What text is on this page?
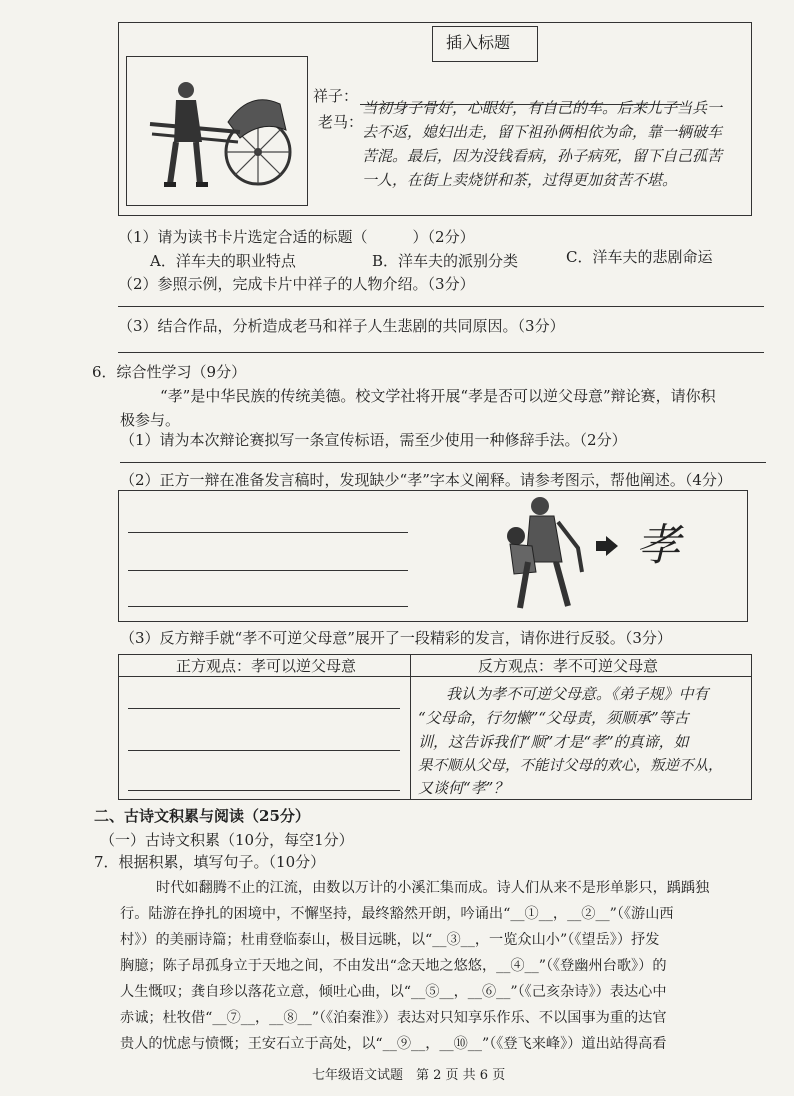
插入标题
祥子：
老马：
当初身子骨好，心眼好，有自己的车。后来儿子当兵一
去不返，媳妇出走，留下祖孙俩相依为命，靠一辆破车
苦混。最后，因为没钱看病，孙子病死，留下自己孤苦
一人，在街上卖烧饼和茶，过得更加贫苦不堪。
（1）请为读书卡片选定合适的标题（　　　）（2分）
A．洋车夫的职业特点	B．洋车夫的派别分类	C．洋车夫的悲剧命运
（2）参照示例，完成卡片中祥子的人物介绍。（3分）
（3）结合作品，分析造成老马和祥子人生悲剧的共同原因。（3分）
6．综合性学习（9分）
“孝”是中华民族的传统美德。校文学社将开展“孝是否可以逆父母意”辩论赛，请你积
极参与。
（1）请为本次辩论赛拟写一条宣传标语，需至少使用一种修辞手法。（2分）
（2）正方一辩在准备发言稿时，发现缺少“孝”字本义阐释。请参考图示，帮他阐述。（4分）
孝
（3）反方辩手就“孝不可逆父母意”展开了一段精彩的发言，请你进行反驳。（3分）
正方观点：孝可以逆父母意	反方观点：孝不可逆父母意
我认为孝不可逆父母意。《弟子规》中有
“父母命，行勿懒”“父母责，须顺承”等古
训，这告诉我们“顺”才是“孝”的真谛，如
果不顺从父母，不能讨父母的欢心，叛逆不从，
又谈何“孝”？
二、古诗文积累与阅读（25分）
（一）古诗文积累（10分，每空1分）
7．根据积累，填写句子。（10分）
时代如翻腾不止的江流，由数以万计的小溪汇集而成。诗人们从来不是形单影只，踽踽独
行。陆游在挣扎的困境中，不懈坚持，最终豁然开朗，吟诵出“__①__，__②__”（《游山西
村》）的美丽诗篇；杜甫登临泰山，极目远眺，以“__③__，一览众山小”（《望岳》）抒发
胸臆；陈子昂孤身立于天地之间，不由发出“念天地之悠悠，__④__”（《登幽州台歌》）的
人生慨叹；龚自珍以落花立意，倾吐心曲，以“__⑤__，__⑥__”（《己亥杂诗》）表达心中
赤诚；杜牧借“__⑦__，__⑧__”（《泊秦淮》）表达对只知享乐作乐、不以国事为重的达官
贵人的忧虑与愤慨；王安石立于高处，以“__⑨__，__⑩__”（《登飞来峰》）道出站得高看
七年级语文试题　第 2 页 共 6 页
